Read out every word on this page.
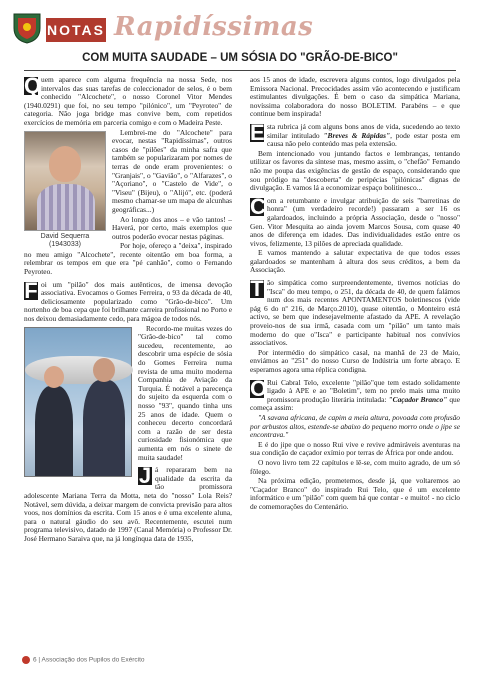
NOTAS Rapidíssimas
COM MUITA SAUDADE – UM SÓSIA DO "GRÃO-DE-BICO"

Q uem aparece com alguma frequência na nossa Sede, nos intervalos das suas tarefas de coleccionador de selos, é o bem conhecido "Alcochete", o nosso Coronel Vitor Mendes (1940.0291) que foi, no seu tempo "pilónico", um "Peyroteo" de categoria. Não joga bridge mas convive bem, com repetidos exercícios de memória em parceria comigo e com o Madeira Peste.

David Sequerra
(1943033)

Lembrei-me do "Alcochete" para evocar, nestas "Rapidíssimas", outros casos de "pilões" da minha safra que também se popularizaram por nomes de terras de onde eram provenientes: o "Granjais", o "Gavião", o "Alfarazes", o "Açoriano", o "Castelo de Vide", o "Viseu" (Bijeu), o "Alijó", etc. (poderá mesmo chamar-se um mapa de alcunhas geográficas...)

Ao longo dos anos – e vão tantos! – Haverá, por certo, mais exemplos que outros poderão evocar nestas páginas.

Por hoje, ofereço a "deixa", inspirado no meu amigo "Alcochete", recente oitentão em boa forma, a relembrar os tempos em que era "pé canhão", como o Fernando Peyroteo.

F oi um "pilão" dos mais autênticos, de imensa devoção associativa. Evocamos o Gomes Ferreira, o 93 da década de 40, deliciosamente popularizado como "Grão-de-bico". Um nortenho de boa cepa que foi brilhante carreira profissional no Porto e nos deixou demasiadamente cedo, para mágoa de todos nós.

Recordo-me muitas vezes do "Grão-de-bico" tal como sucedeu, recentemente, ao descobrir uma espécie de sósia do Gomes Ferreira numa revista de uma muito moderna Companhia de Aviação da Turquia. É notável a parecença do sujeito da esquerda com o nosso "93", quando tinha uns 25 anos de idade. Quem o conheceu decerto concordará com a razão de ser desta curiosidade fisionómica que aumenta em nós o sinete de muita saudade!

J á repararam bem na qualidade da escrita da tão promissora adolescente Mariana Terra da Motta, neta do "nosso" Lola Reis? Notável, sem dúvida, a deixar margem de convicta previsão para altos voos, nos domínios da escrita. Com 15 anos e é uma excelente aluna, para o natural gáudio do seu avô. Recentemente, escutei num programa televisivo, datado de 1997 (Canal Memória) o Professor Dr. José Hermano Saraiva que, na já longínqua data de 1935,

aos 15 anos de idade, escrevera alguns contos, logo divulgados pela Emissora Nacional. Precocidades assim vão acontecendo e justificam estimulantes divulgações. É bem o caso da simpática Mariana, novíssima colaboradora do nosso BOLETIM. Parabéns – e que continue bem inspirada!

E sta rubrica já com alguns bons anos de vida, sucedendo ao texto similar intitulado "Breves & Rápidas", pode estar posta em causa não pelo conteúdo mas pela extensão.

Bem intencionado vou juntando factos e lembranças, tentando utilizar os favores da síntese mas, mesmo assim, o "chefão" Fernando não me poupa das exigências de gestão de espaço, considerando que sou pródigo na "descoberta" de peripécias "pilónicas" dignas de divulgação. E vamos lá a economizar espaço bolitinesco...

C om a retumbante e invulgar atribuição de seis "barretinas de honra" (um verdadeiro recorde!) passaram a ser 16 os galardoados, incluindo a própria Associação, desde o "nosso" Gen. Vitor Mesquita ao ainda jovem Marcos Sousa, com quase 40 anos de diferença em idades. Das individualidades estão entre os vivos, felizmente, 13 pilões de apreciada qualidade.

E vamos mantendo a salutar expectativa de que todos esses galardoados se mantenham à altura dos seus créditos, a bem da Associação.

T ão simpática como surpreendentemente, tivemos notícias do "Isca" do meu tempo, o 251, da década de 40, de quem falámos num dos mais recentes APONTAMENTOS boletinescos (vide pág 6 do nº 216, de Março.2010), quase oitentão, o Monteiro está activo, se bem que indesejavelmente afastado da APE. A revelação proveio-nos de sua irmã, casada com um "pilão" um tanto mais moderno do que o"Isca" e participante habitual nos convívios associativos.

Por intermédio do simpático casal, na manhã de 23 de Maio, enviámos ao "251" do nosso Curso de Indústria um forte abraço. E esperamos agora uma réplica condigna.

O Rui Cabral Telo, excelente "pilão"que tem estado solidamente ligado à APE e ao "Boletim", tem no prelo mais uma muito promissora produção literária intitulada: "Caçador Branco" que começa assim:

"A savana africana, de capim a meia altura, povoada com profusão por arbustos altos, estende-se abaixo do pequeno morro onde o jipe se encontrava."

E é do jipe que o nosso Rui vive e revive admiráveis aventuras na sua condição de caçador exímio por terras de África por onde andou.

O novo livro tem 22 capítulos e lê-se, com muito agrado, de um só fôlego.

Na próxima edição, prometemos, desde já, que voltaremos ao "Caçador Branco" do inspirado Rui Telo, que é um excelente informático e um "pilão" com quem há que contar - e muito! - no ciclo de comemorações do Centenário.

6 | Associação dos Pupilos do Exército
